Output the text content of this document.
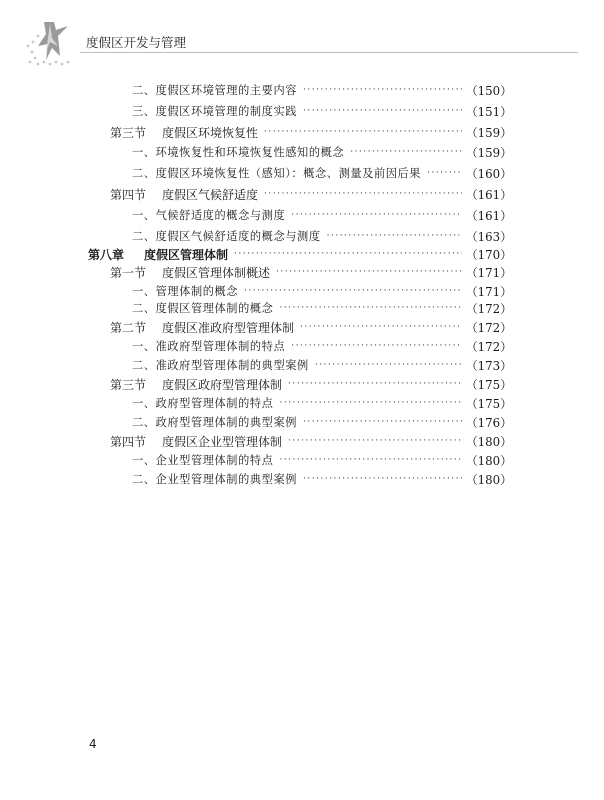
度假区开发与管理
二、度假区环境管理的主要内容 ·····	（150）
三、度假区环境管理的制度实践 ·····	（151）
第三节 度假区环境恢复性 ·····	（159）
一、环境恢复性和环境恢复性感知的概念 ·····	（159）
二、度假区环境恢复性（感知）：概念、测量及前因后果 ·····	（160）
第四节 度假区气候舒适度 ·····	（161）
一、气候舒适度的概念与测度 ·····	（161）
二、度假区气候舒适度的概念与测度 ·····	（163）
第八章 度假区管理体制 ·····	（170）
第一节 度假区管理体制概述 ·····	（171）
一、管理体制的概念 ·····	（171）
二、度假区管理体制的概念 ·····	（172）
第二节 度假区准政府型管理体制 ·····	（172）
一、准政府型管理体制的特点 ·····	（172）
二、准政府型管理体制的典型案例 ·····	（173）
第三节 度假区政府型管理体制 ·····	（175）
一、政府型管理体制的特点 ·····	（175）
二、政府型管理体制的典型案例 ·····	（176）
第四节 度假区企业型管理体制 ·····	（180）
一、企业型管理体制的特点 ·····	（180）
二、企业型管理体制的典型案例 ·····	（180）
4
